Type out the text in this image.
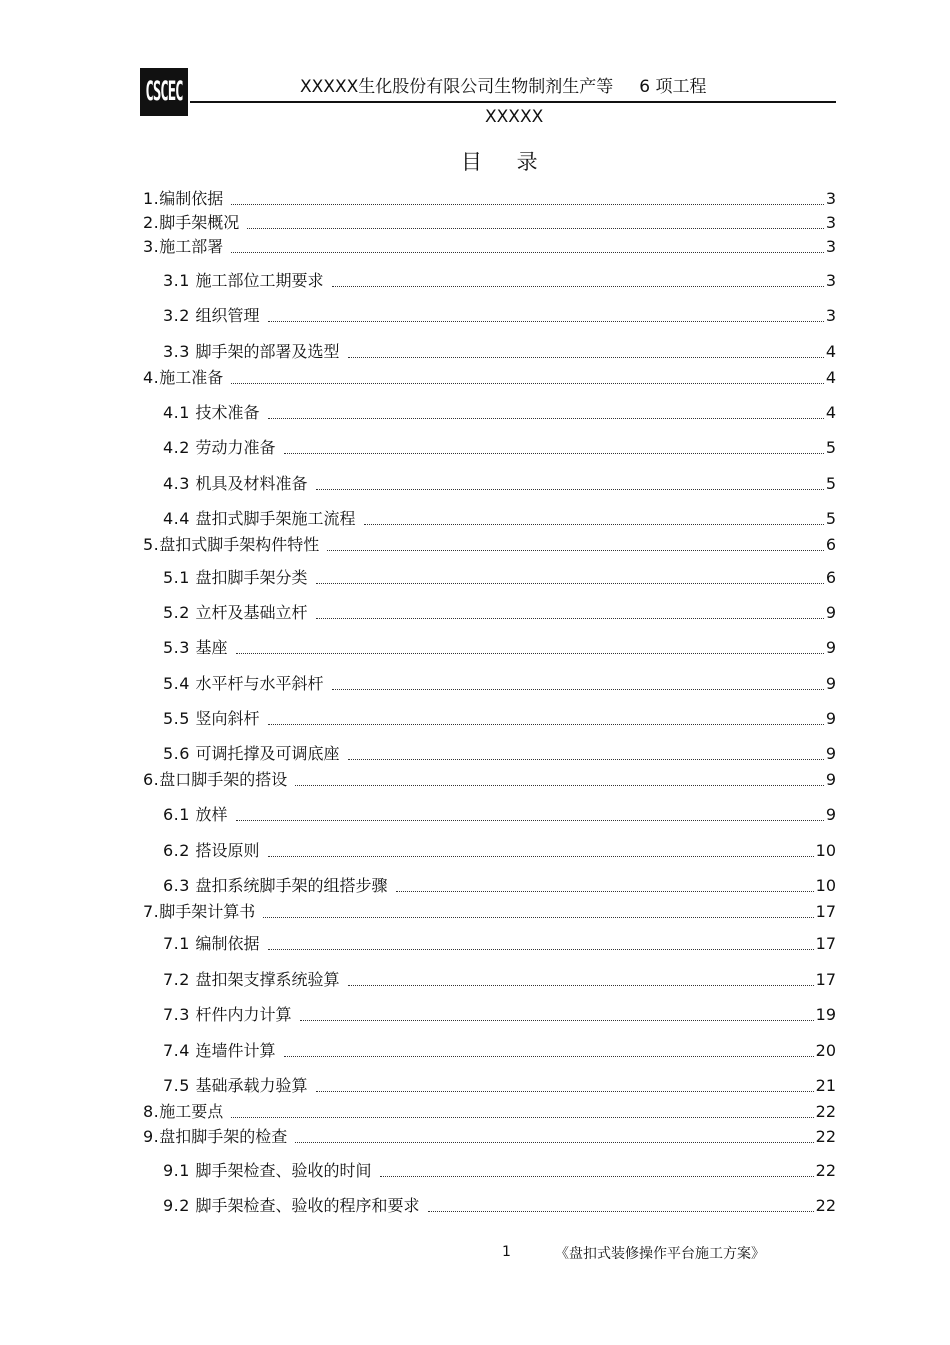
CSCEC	XXXXX生化股份有限公司生物制剂生产等 6 项工程
XXXXX
目 录
1.编制依据	3
2.脚手架概况	3
3.施工部署	3
3.1 施工部位工期要求	3
3.2 组织管理	3
3.3 脚手架的部署及选型	4
4.施工准备	4
4.1 技术准备	4
4.2 劳动力准备	5
4.3 机具及材料准备	5
4.4 盘扣式脚手架施工流程	5
5.盘扣式脚手架构件特性	6
5.1 盘扣脚手架分类	6
5.2 立杆及基础立杆	9
5.3 基座	9
5.4 水平杆与水平斜杆	9
5.5 竖向斜杆	9
5.6 可调托撑及可调底座	9
6.盘口脚手架的搭设	9
6.1 放样	9
6.2 搭设原则	10
6.3 盘扣系统脚手架的组搭步骤	10
7.脚手架计算书	17
7.1 编制依据	17
7.2 盘扣架支撑系统验算	17
7.3 杆件内力计算	19
7.4 连墙件计算	20
7.5 基础承载力验算	21
8.施工要点	22
9.盘扣脚手架的检查	22
9.1 脚手架检查、验收的时间	22
9.2 脚手架检查、验收的程序和要求	22
1	《盘扣式装修操作平台施工方案》
